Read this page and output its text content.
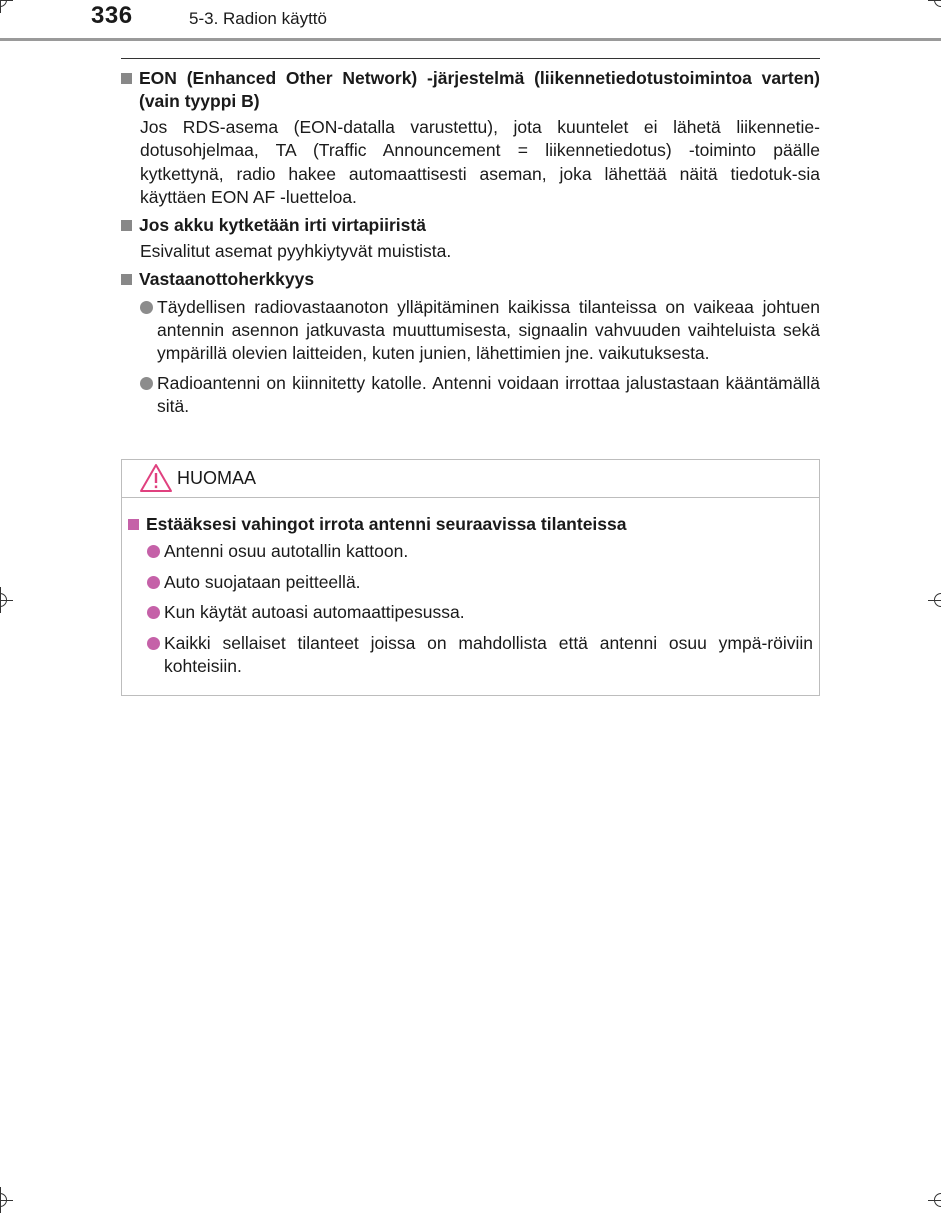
336	5-3. Radion käyttö
EON (Enhanced Other Network) -järjestelmä (liikennetiedotustoimintoa varten) (vain tyyppi B)
Jos RDS-asema (EON-datalla varustettu), jota kuuntelet ei lähetä liikennetie-dotusohjelmaa, TA (Traffic Announcement = liikennetiedotus) -toiminto päälle kytkettynä, radio hakee automaattisesti aseman, joka lähettää näitä tiedotuk-sia käyttäen EON AF -luetteloa.
Jos akku kytketään irti virtapiiristä
Esivalitut asemat pyyhkiytyvät muistista.
Vastaanottoherkkyys
Täydellisen radiovastaanoton ylläpitäminen kaikissa tilanteissa on vaikeaa johtuen antennin asennon jatkuvasta muuttumisesta, signaalin vahvuuden vaihteluista sekä ympärillä olevien laitteiden, kuten junien, lähettimien jne. vaikutuksesta.
Radioantenni on kiinnitetty katolle. Antenni voidaan irrottaa jalustastaan kääntämällä sitä.
HUOMAA
Estääksesi vahingot irrota antenni seuraavissa tilanteissa
Antenni osuu autotallin kattoon.
Auto suojataan peitteellä.
Kun käytät autoasi automaattipesussa.
Kaikki sellaiset tilanteet joissa on mahdollista että antenni osuu ympä-röiviin kohteisiin.
